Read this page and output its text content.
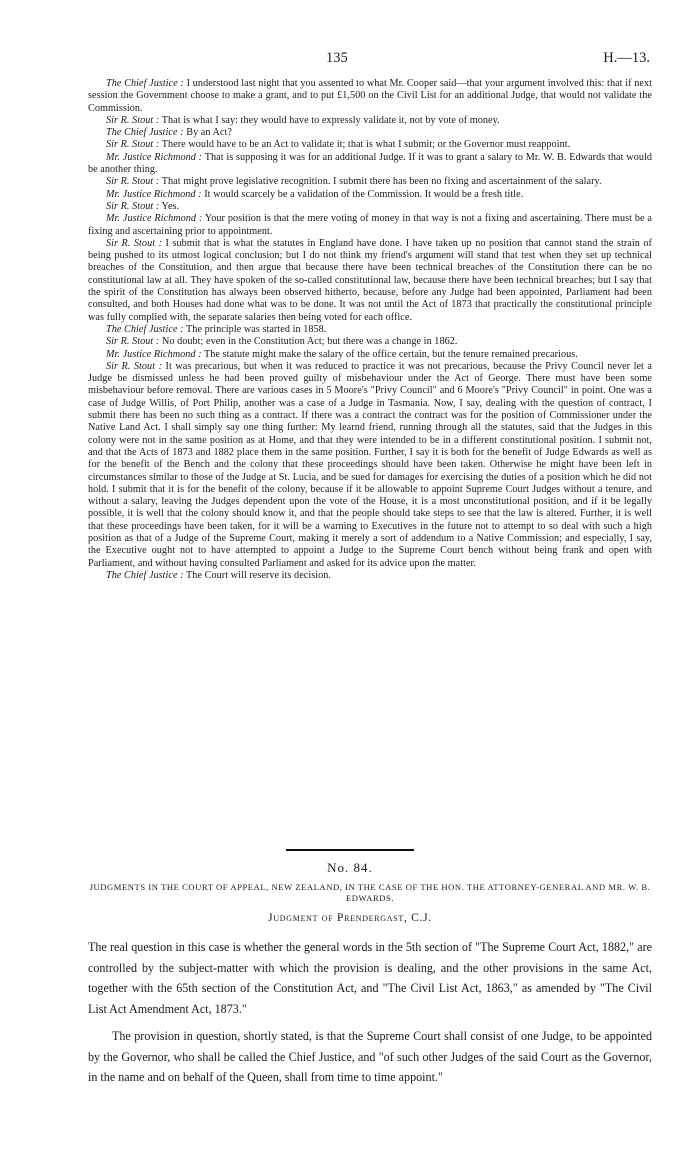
135	H.—13.

The Chief Justice : I understood last night that you assented to what Mr. Cooper said—that your argument involved this: that if next session the Government choose to make a grant, and to put £1,500 on the Civil List for an additional Judge, that would not validate the Commission.

Sir R. Stout : That is what I say: they would have to expressly validate it, not by vote of money.

The Chief Justice : By an Act?

Sir R. Stout : There would have to be an Act to validate it; that is what I submit; or the Governor must reappoint.

Mr. Justice Richmond : That is supposing it was for an additional Judge. If it was to grant a salary to Mr. W. B. Edwards that would be another thing.

Sir R. Stout : That might prove legislative recognition. I submit there has been no fixing and ascertainment of the salary.

Mr. Justice Richmond : It would scarcely be a validation of the Commission. It would be a fresh title.

Sir R. Stout : Yes.

Mr. Justice Richmond : Your position is that the mere voting of money in that way is not a fixing and ascertaining. There must be a fixing and ascertaining prior to appointment.

Sir R. Stout : I submit that is what the statutes in England have done. I have taken up no position that cannot stand the strain of being pushed to its utmost logical conclusion; but I do not think my friend's argument will stand that test when they set up technical breaches of the Constitution, and then argue that because there have been technical breaches of the Constitution there can be no constitutional law at all. They have spoken of the so-called constitutional law, because there have been technical breaches; but I say that the spirit of the Constitution has always been observed hitherto, because, before any Judge had been appointed, Parliament had been consulted, and both Houses had done what was to be done. It was not until the Act of 1873 that practically the constitutional principle was fully complied with, the separate salaries then being voted for each office.

The Chief Justice : The principle was started in 1858.

Sir R. Stout : No doubt; even in the Constitution Act; but there was a change in 1862.

Mr. Justice Richmond : The statute might make the salary of the office certain, but the tenure remained precarious.

Sir R. Stout : It was precarious, but when it was reduced to practice it was not precarious, because the Privy Council never let a Judge be dismissed unless he had been proved guilty of misbehaviour under the Act of George. There must have been some misbehaviour before removal. There are various cases in 5 Moore's "Privy Council" and 6 Moore's "Privy Council" in point. One was a case of Judge Willis, of Port Philip, another was a case of a Judge in Tasmania. Now, I say, dealing with the question of contract, I submit there has been no such thing as a contract. If there was a contract the contract was for the position of Commissioner under the Native Land Act. I shall simply say one thing further: My learnd friend, running through all the statutes, said that the Judges in this colony were not in the same position as at Home, and that they were intended to be in a different constitutional position. I submit not, and that the Acts of 1873 and 1882 place them in the same position. Further, I say it is both for the benefit of Judge Edwards as well as for the benefit of the Bench and the colony that these proceedings should have been taken. Otherwise he might have been left in circumstances similar to those of the Judge at St. Lucia, and be sued for damages for exercising the duties of a position which he did not hold. I submit that it is for the benefit of the colony, because if it be allowable to appoint Supreme Court Judges without a tenure, and without a salary, leaving the Judges dependent upon the vote of the House, it is a most unconstitutional position, and if it be legally possible, it is well that the colony should know it, and that the people should take steps to see that the law is altered. Further, it is well that these proceedings have been taken, for it will be a warning to Executives in the future not to attempt to so deal with such a high position as that of a Judge of the Supreme Court, making it merely a sort of addendum to a Native Commission; and especially, I say, the Executive ought not to have attempted to appoint a Judge to the Supreme Court bench without being frank and open with Parliament, and without having consulted Parliament and asked for its advice upon the matter.

The Chief Justice : The Court will reserve its decision.

No. 84.
JUDGMENTS IN THE COURT OF APPEAL, NEW ZEALAND, IN THE CASE OF THE HON. THE ATTORNEY-GENERAL AND MR. W. B. EDWARDS.
Judgment of Prendergast, C.J.

The real question in this case is whether the general words in the 5th section of "The Supreme Court Act, 1882," are controlled by the subject-matter with which the provision is dealing, and the other provisions in the same Act, together with the 65th section of the Constitution Act, and "The Civil List Act, 1863," as amended by "The Civil List Act Amendment Act, 1873."

The provision in question, shortly stated, is that the Supreme Court shall consist of one Judge, to be appointed by the Governor, who shall be called the Chief Justice, and "of such other Judges of the said Court as the Governor, in the name and on behalf of the Queen, shall from time to time appoint."
